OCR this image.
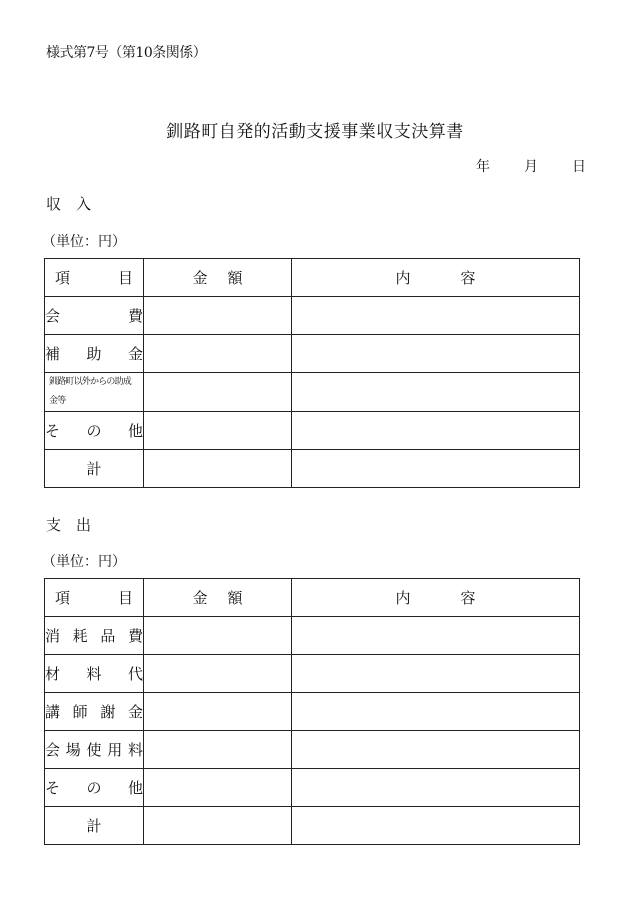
様式第7号（第10条関係）
釧路町自発的活動支援事業収支決算書
年 月 日
収入
（単位：円）
項 目	金額	内容
会費		
補助金		
釧路町以外からの助成金等		
その他		
計		
支出
（単位：円）
項 目	金額	内容
消耗品費		
材料代		
講師謝金		
会場使用料		
その他		
計		
